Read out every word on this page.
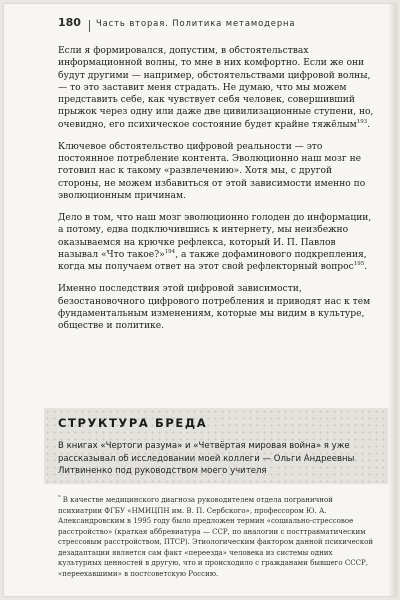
180 Часть вторая. Политика метамодерна

Если я формировался, допустим, в обстоятельствах информационной волны, то мне в них комфортно. Если же они будут другими — например, обстоятельствами цифровой волны, — то это заставит меня страдать. Не думаю, что мы можем представить себе, как чувствует себя человек, совершивший прыжок через одну или даже две цивилизационные ступени, но, очевидно, его психическое состояние будет крайне тяжёлым$^{193}$.

Ключевое обстоятельство цифровой реальности — это постоянное потребление контента. Эволюционно наш мозг не готовил нас к такому «развлечению». Хотя мы, с другой стороны, не можем избавиться от этой зависимости именно по эволюционным причинам.

Дело в том, что наш мозг эволюционно голоден до информации, а потому, едва подключившись к интернету, мы неизбежно оказываемся на крючке рефлекса, который И. П. Павлов называл «Что такое?»$^{194}$, а также дофаминового подкрепления, когда мы получаем ответ на этот свой рефлекторный вопрос$^{195}$.

Именно последствия этой цифровой зависимости, безостановочного цифрового потребления и приводят нас к тем фундаментальным изменениям, которые мы видим в культуре, обществе и политике.

СТРУКТУРА БРЕДА
В книгах «Чертоги разума» и «Четвёртая мировая война» я уже рассказывал об исследовании моей коллеги — Ольги Андреевны Литвиненко под руководством моего учителя
* В качестве медицинского диагноза руководителем отдела пограничной психиатрии ФГБУ «НМИЦПН им. В. П. Сербского», профессором Ю. А. Александровским в 1995 году было предложен термин «социально-стрессовое расстройство» (краткая аббревиатура — ССР, по аналогии с посттравматическим стрессовым расстройством, ПТСР). Этиологическим фактором данной психической дезадаптации является сам факт «переезда» человека из системы одних культурных ценностей в другую, что и происходило с гражданами бывшего СССР, «переехавшими» в постсоветскую Россию.
